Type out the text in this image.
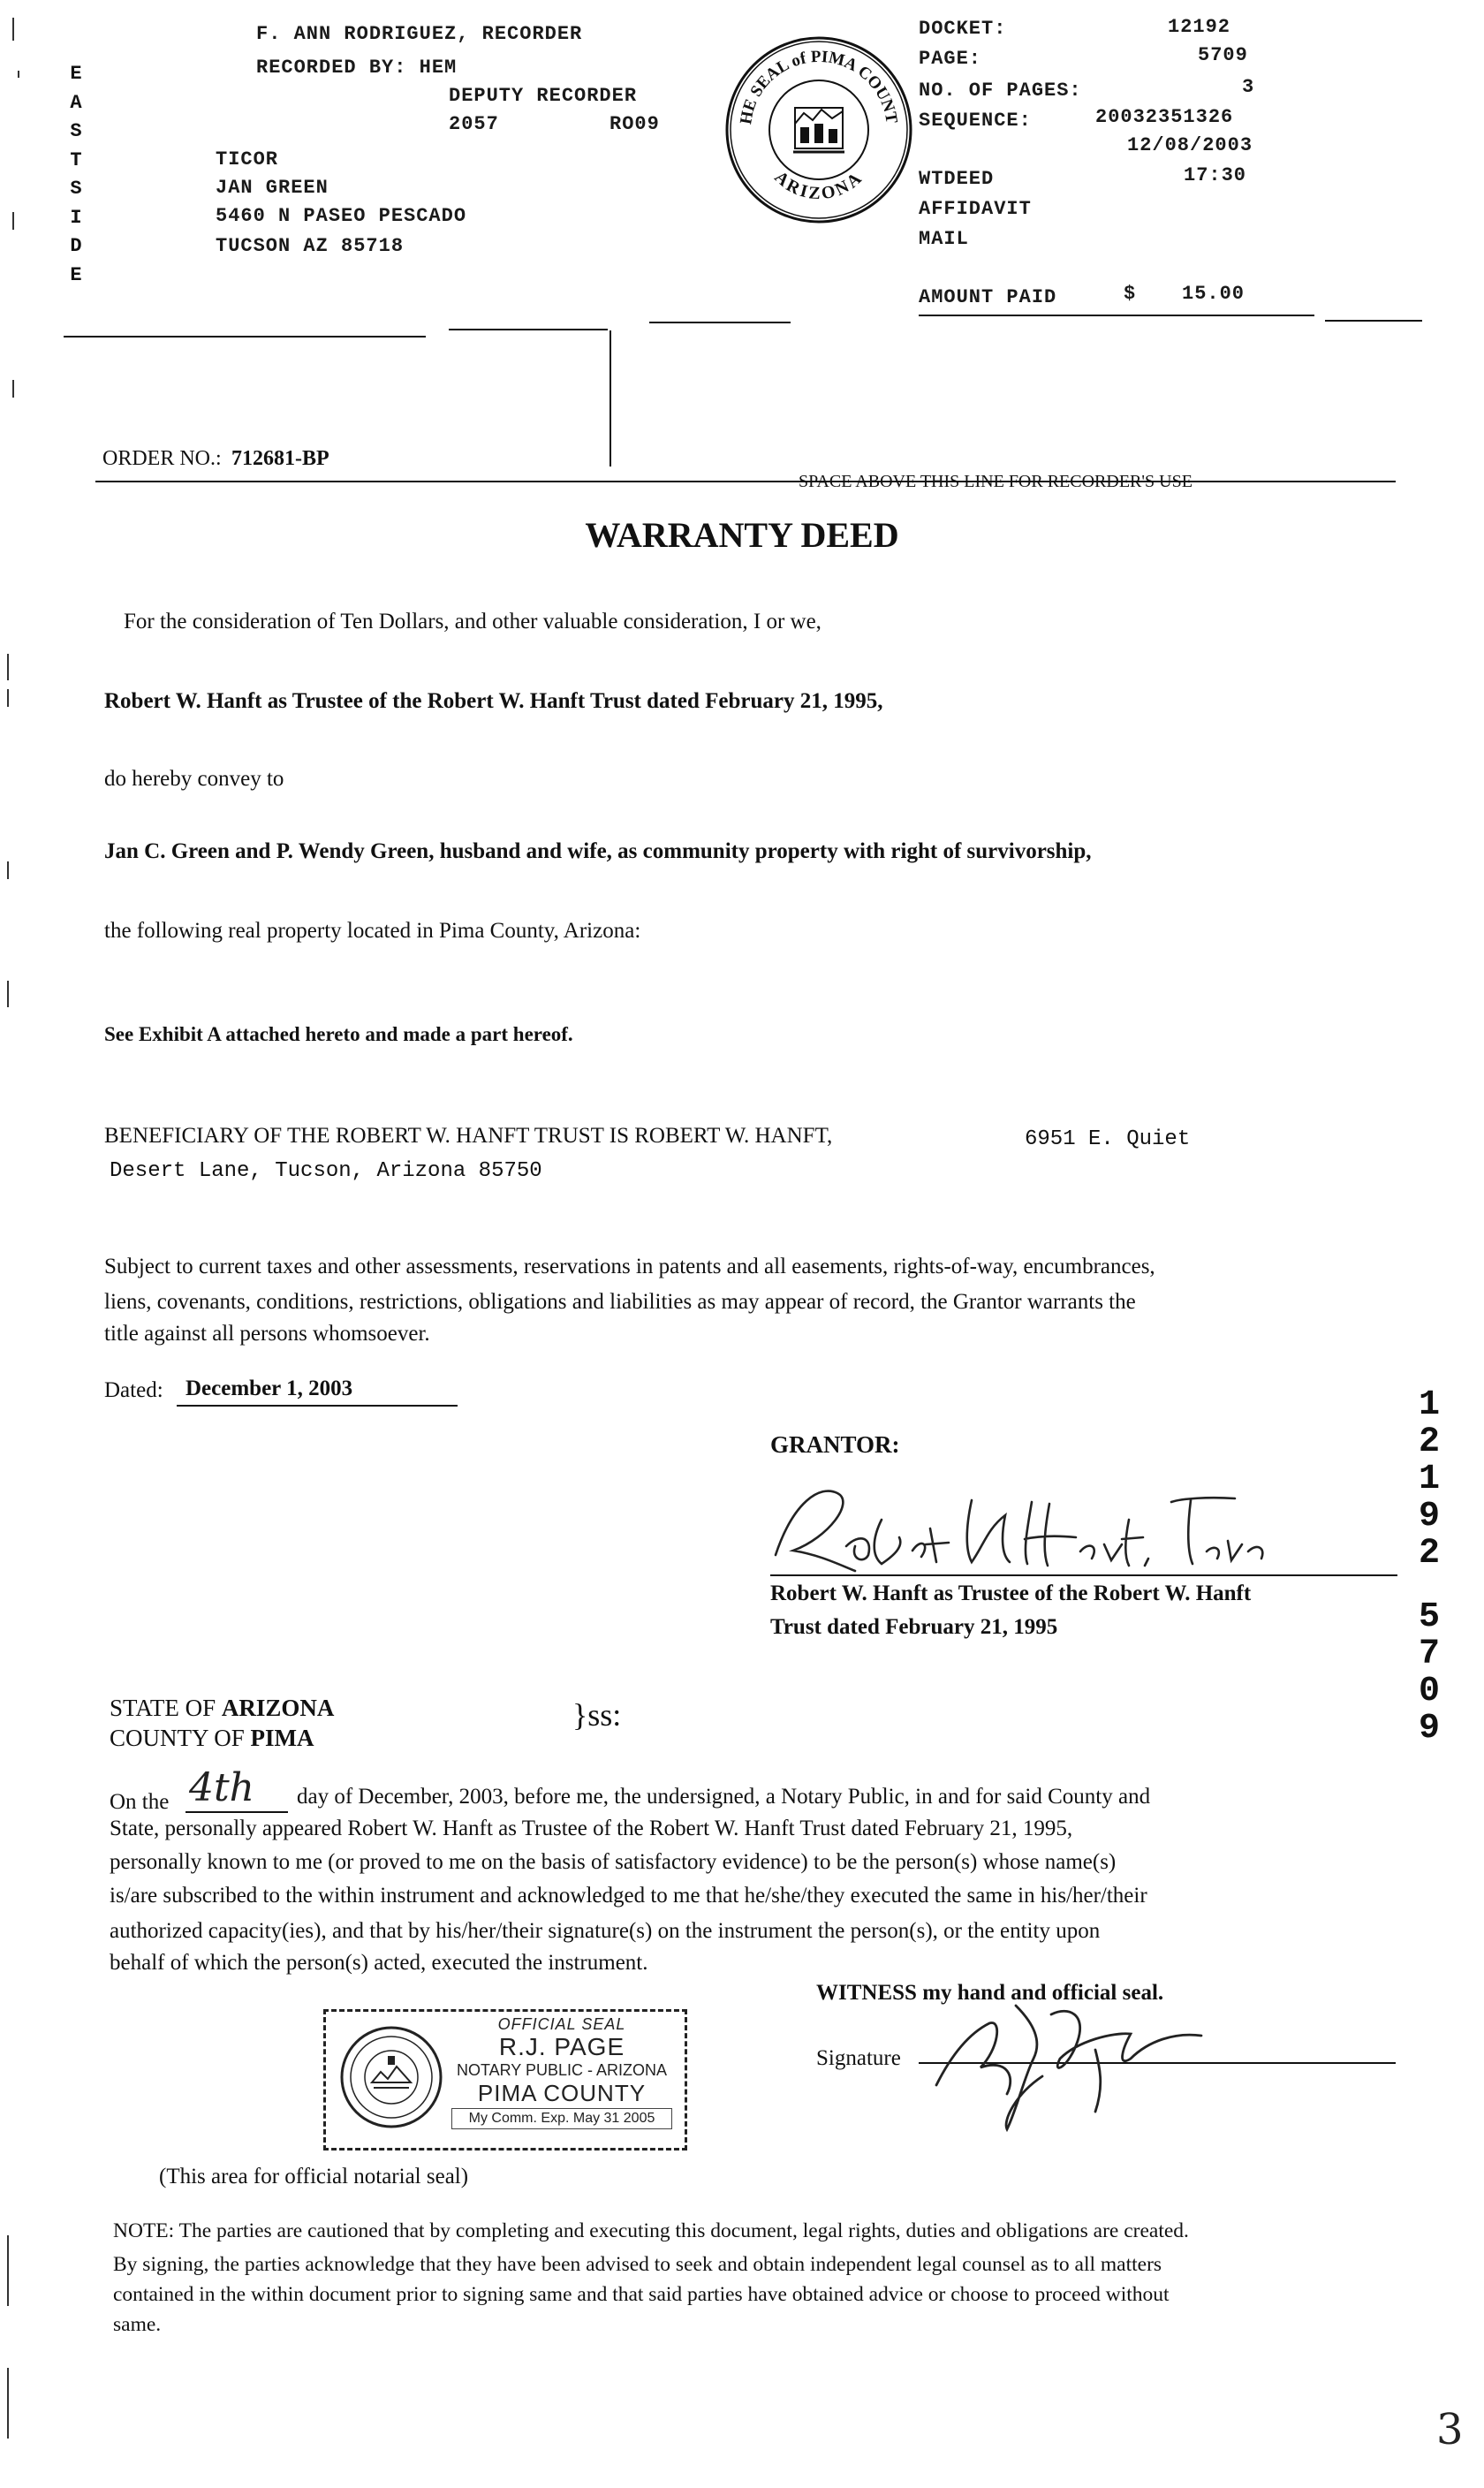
F. ANN RODRIGUEZ, RECORDER
RECORDED BY: HEM
DEPUTY RECORDER
2057	RO09
E
A
S
T
S
I
D
E
TICOR
JAN GREEN
5460 N PASEO PESCADO
TUCSON AZ 85718
THE SEAL of PIMA COUNTY
ARIZONA
DOCKET:	12192
PAGE:	5709
NO. OF PAGES:	3
SEQUENCE:	20032351326
12/08/2003
WTDEED	17:30
AFFIDAVIT
MAIL
AMOUNT PAID	$ 15.00
ORDER NO.: 712681-BP
SPACE ABOVE THIS LINE FOR RECORDER'S USE
WARRANTY DEED
For the consideration of Ten Dollars, and other valuable consideration, I or we,
Robert W. Hanft as Trustee of the Robert W. Hanft Trust dated February 21, 1995,
do hereby convey to
Jan C. Green and P. Wendy Green, husband and wife, as community property with right of survivorship,
the following real property located in Pima County, Arizona:
See Exhibit A attached hereto and made a part hereof.
BENEFICIARY OF THE ROBERT W. HANFT TRUST IS ROBERT W. HANFT,	6951 E. Quiet
Desert Lane, Tucson, Arizona 85750
Subject to current taxes and other assessments, reservations in patents and all easements, rights-of-way, encumbrances,
liens, covenants, conditions, restrictions, obligations and liabilities as may appear of record, the Grantor warrants the
title against all persons whomsoever.
Dated: December 1, 2003	1
2
1
9
2
5
7
0
9
GRANTOR:
Robert W. Hanft as Trustee of the Robert W. Hanft
Trust dated February 21, 1995
STATE OF ARIZONA
COUNTY OF PIMA
}ss:
On the 4th day of December, 2003, before me, the undersigned, a Notary Public, in and for said County and
State, personally appeared Robert W. Hanft as Trustee of the Robert W. Hanft Trust dated February 21, 1995,
personally known to me (or proved to me on the basis of satisfactory evidence) to be the person(s) whose name(s)
is/are subscribed to the within instrument and acknowledged to me that he/she/they executed the same in his/her/their
authorized capacity(ies), and that by his/her/their signature(s) on the instrument the person(s), or the entity upon
behalf of which the person(s) acted, executed the instrument.
WITNESS my hand and official seal.
Signature
OFFICIAL SEAL
R.J. PAGE
NOTARY PUBLIC - ARIZONA
PIMA COUNTY
My Comm. Exp. May 31 2005
(This area for official notarial seal)
NOTE: The parties are cautioned that by completing and executing this document, legal rights, duties and obligations are created.
By signing, the parties acknowledge that they have been advised to seek and obtain independent legal counsel as to all matters
contained in the within document prior to signing same and that said parties have obtained advice or choose to proceed without
same.
3
